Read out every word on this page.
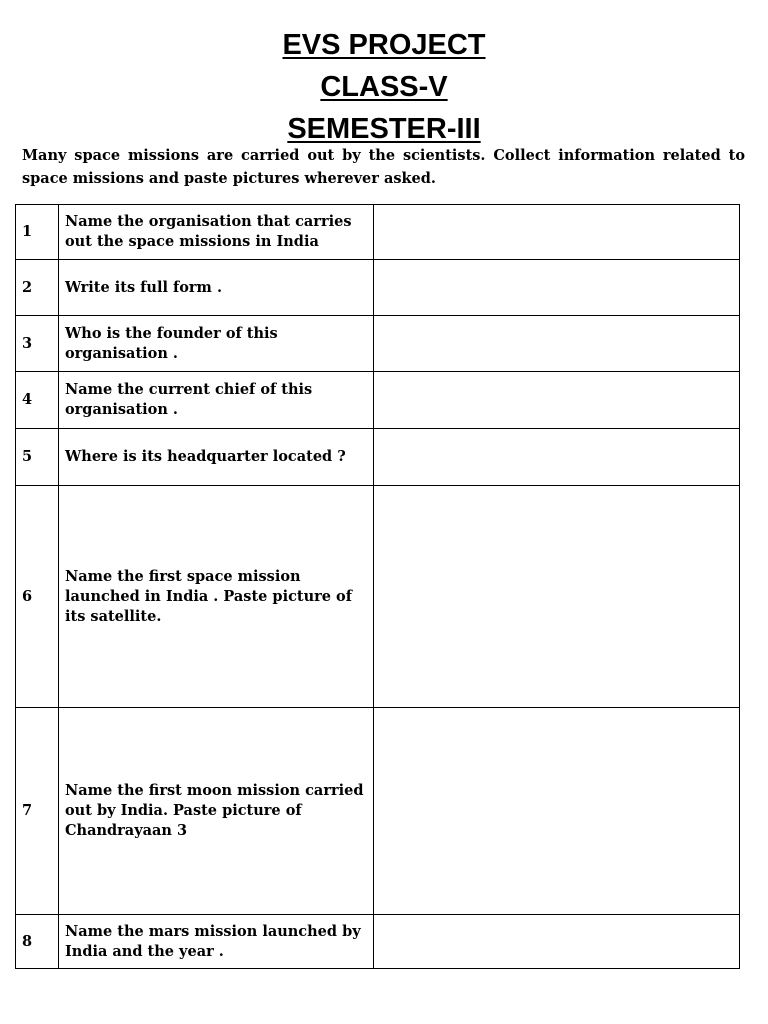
EVS PROJECT
CLASS-V
SEMESTER-III

Many space missions are carried out by the scientists. Collect information related to space missions and paste pictures wherever asked.

1	Name the organisation that carries out the space missions in India	
2	Write its full form .	
3	Who is the founder of this organisation .	
4	Name the current chief of this organisation .	
5	Where is its headquarter located ?	
6	Name the first space mission launched in India . Paste picture of its satellite.	
7	Name the first moon mission carried out by India. Paste picture of Chandrayaan 3	
8	Name the mars mission launched by India and the year .	
